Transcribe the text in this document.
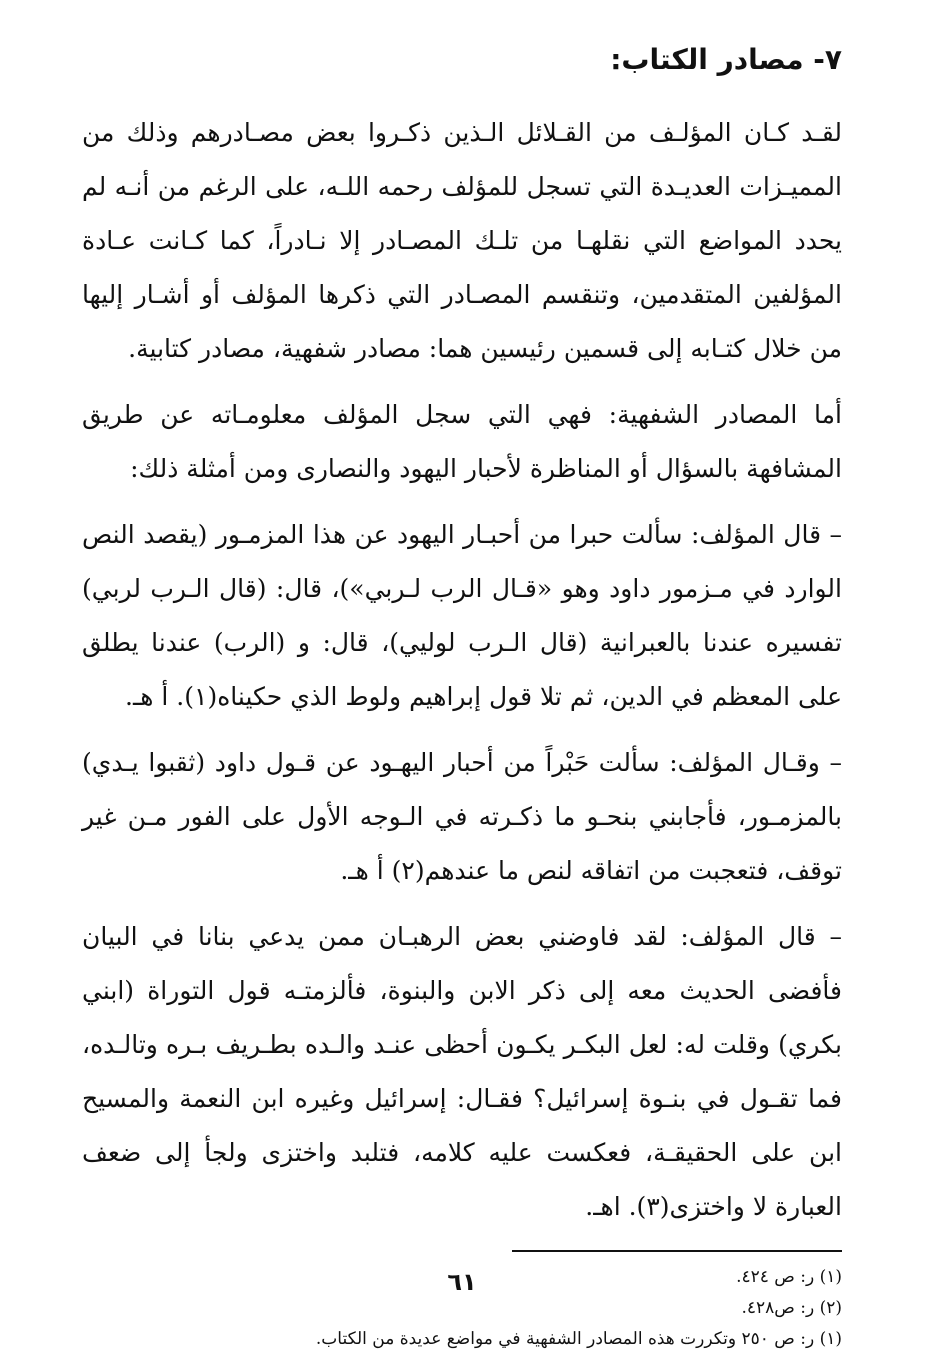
٧- مصادر الكتاب:

لقـد كـان المؤلـف من القـلائل الـذين ذكـروا بعض مصـادرهم وذلك من المميـزات العديـدة التي تسجل للمؤلف رحمه اللـه، على الرغم من أنـه لم يحدد المواضع التي نقلهـا من تلـك المصـادر إلا نـادراً، كما كـانت عـادة المؤلفين المتقدمين، وتنقسم المصـادر التي ذكرها المؤلف أو أشـار إليها من خلال كتـابه إلى قسمين رئيسين هما: مصادر شفهية، مصادر كتابية.

أما المصادر الشفهية: فهي التي سجل المؤلف معلومـاته عن طريق المشافهة بالسؤال أو المناظرة لأحبار اليهود والنصارى ومن أمثلة ذلك:

– قال المؤلف: سألت حبرا من أحبـار اليهود عن هذا المزمـور (يقصد النص الوارد في مـزمور داود وهو «قـال الرب لـربي»)، قال: (قال الـرب لربي) تفسيره عندنا بالعبرانية (قال الـرب لوليي)، قال: و (الرب) عندنا يطلق على المعظم في الدين، ثم تلا قول إبراهيم ولوط الذي حكيناه(١). أ هـ.

– وقـال المؤلف: سألت حَبْراً من أحبار اليهـود عن قـول داود (ثقبوا يـدي) بالمزمـور، فأجابني بنحـو ما ذكـرته في الـوجه الأول على الفور مـن غير توقف، فتعجبت من اتفاقه لنص ما عندهم(٢) أ هـ.

– قال المؤلف: لقد فاوضني بعض الرهبـان ممن يدعي بنانا في البيان فأفضى الحديث معه إلى ذكر الابن والبنوة، فألزمتـه قول التوراة (ابني بكري) وقلت له: لعل البكـر يكـون أحظى عنـد والـده بطـريف بـره وتالـده، فما تقـول في بنـوة إسرائيل؟ فقـال: إسرائيل وغيره ابن النعمة والمسيح ابن على الحقيقـة، فعكست عليه كلامه، فتلبد واختزى ولجأ إلى ضعف العبارة لا واختزى(٣). اهـ.

(١) ر: ص ٤٢٤.

(٢) ر: ص٤٢٨.

(١) ر: ص ٢٥٠ وتكررت هذه المصادر الشفهية في مواضع عديدة من الكتاب.

٦١
